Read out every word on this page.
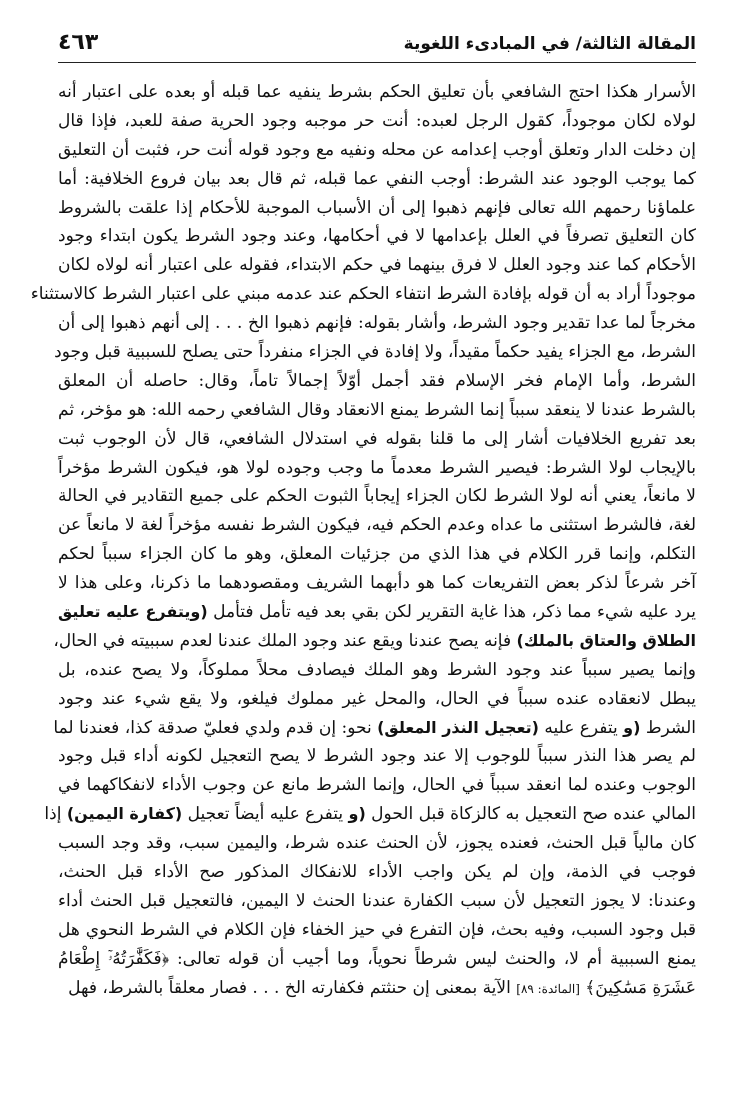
المقالة الثالثة/ في المبادىء اللغوية
٤٦٣
الأسرار هكذا احتج الشافعي بأن تعليق الحكم بشرط ينفيه عما قبله أو بعده على اعتبار أنه
لولاه لكان موجوداً، كقول الرجل لعبده: أنت حر موجبه وجود الحرية صفة للعبد، فإذا قال
إن دخلت الدار وتعلق أوجب إعدامه عن محله ونفيه مع وجود قوله أنت حر، فثبت أن التعليق
كما يوجب الوجود عند الشرط: أوجب النفي عما قبله، ثم قال بعد بيان فروع الخلافية: أما
علماؤنا رحمهم الله تعالى فإنهم ذهبوا إلى أن الأسباب الموجبة للأحكام إذا علقت بالشروط
كان التعليق تصرفاً في العلل بإعدامها لا في أحكامها، وعند وجود الشرط يكون ابتداء وجود
الأحكام كما عند وجود العلل لا فرق بينهما في حكم الابتداء، فقوله على اعتبار أنه لولاه لكان
موجوداً أراد به أن قوله بإفادة الشرط انتفاء الحكم عند عدمه مبني على اعتبار الشرط كالاستثناء
مخرجاً لما عدا تقدير وجود الشرط، وأشار بقوله: فإنهم ذهبوا الخ . . . إلى أنهم ذهبوا إلى أن
الشرط، مع الجزاء يفيد حكماً مقيداً، ولا إفادة في الجزاء منفرداً حتى يصلح للسببية قبل وجود
الشرط، وأما الإمام فخر الإسلام فقد أجمل أوّلاً إجمالاً تاماً، وقال: حاصله أن المعلق
بالشرط عندنا لا ينعقد سبباً إنما الشرط يمنع الانعقاد وقال الشافعي رحمه الله: هو مؤخر، ثم
بعد تفريع الخلافيات أشار إلى ما قلنا بقوله في استدلال الشافعي، قال لأن الوجوب ثبت
بالإيجاب لولا الشرط: فيصير الشرط معدماً ما وجب وجوده لولا هو، فيكون الشرط مؤخراً
لا مانعاً، يعني أنه لولا الشرط لكان الجزاء إيجاباً الثبوت الحكم على جميع التقادير في الحالة
لغة، فالشرط استثنى ما عداه وعدم الحكم فيه، فيكون الشرط نفسه مؤخراً لغة لا مانعاً عن
التكلم، وإنما قرر الكلام في هذا الذي من جزئيات المعلق، وهو ما كان الجزاء سبباً لحكم
آخر شرعاً لذكر بعض التفريعات كما هو دأبهما الشريف ومقصودهما ما ذكرنا، وعلى هذا لا
يرد عليه شيء مما ذكر، هذا غاية التقرير لكن بقي بعد فيه تأمل فتأمل (ويتفرع عليه تعليق
الطلاق والعتاق بالملك) فإنه يصح عندنا ويقع عند وجود الملك عندنا لعدم سببيته في الحال،
وإنما يصير سبباً عند وجود الشرط وهو الملك فيصادف محلاً مملوكاً، ولا يصح عنده، بل
يبطل لانعقاده عنده سبباً في الحال، والمحل غير مملوك فيلغو، ولا يقع شيء عند وجود
الشرط (و يتفرع عليه (تعجيل النذر المعلق) نحو: إن قدم ولدي فعليّ صدقة كذا، فعندنا لما
لم يصر هذا النذر سبباً للوجوب إلا عند وجود الشرط لا يصح التعجيل لكونه أداء قبل وجود
الوجوب وعنده لما انعقد سبباً في الحال، وإنما الشرط مانع عن وجوب الأداء لانفكاكهما في
المالي عنده صح التعجيل به كالزكاة قبل الحول (و يتفرع عليه أيضاً تعجيل (كفارة اليمين) إذا
كان مالياً قبل الحنث، فعنده يجوز، لأن الحنث عنده شرط، واليمين سبب، وقد وجد السبب
فوجب في الذمة، وإن لم يكن واجب الأداء للانفكاك المذكور صح الأداء قبل الحنث،
وعندنا: لا يجوز التعجيل لأن سبب الكفارة عندنا الحنث لا اليمين، فالتعجيل قبل الحنث أداء
قبل وجود السبب، وفيه بحث، فإن التفرع في حيز الخفاء فإن الكلام في الشرط النحوي هل
يمنع السببية أم لا، والحنث ليس شرطاً نحوياً، وما أجيب أن قوله تعالى: ﴿فَكَفَّٰرَتُهُۥٓ إِطْعَامُ
عَشَرَةِ مَسَٰكِينَ﴾ [المائدة: ٨٩] الآية بمعنى إن حنثتم فكفارته الخ . . . فصار معلقاً بالشرط، فهل
